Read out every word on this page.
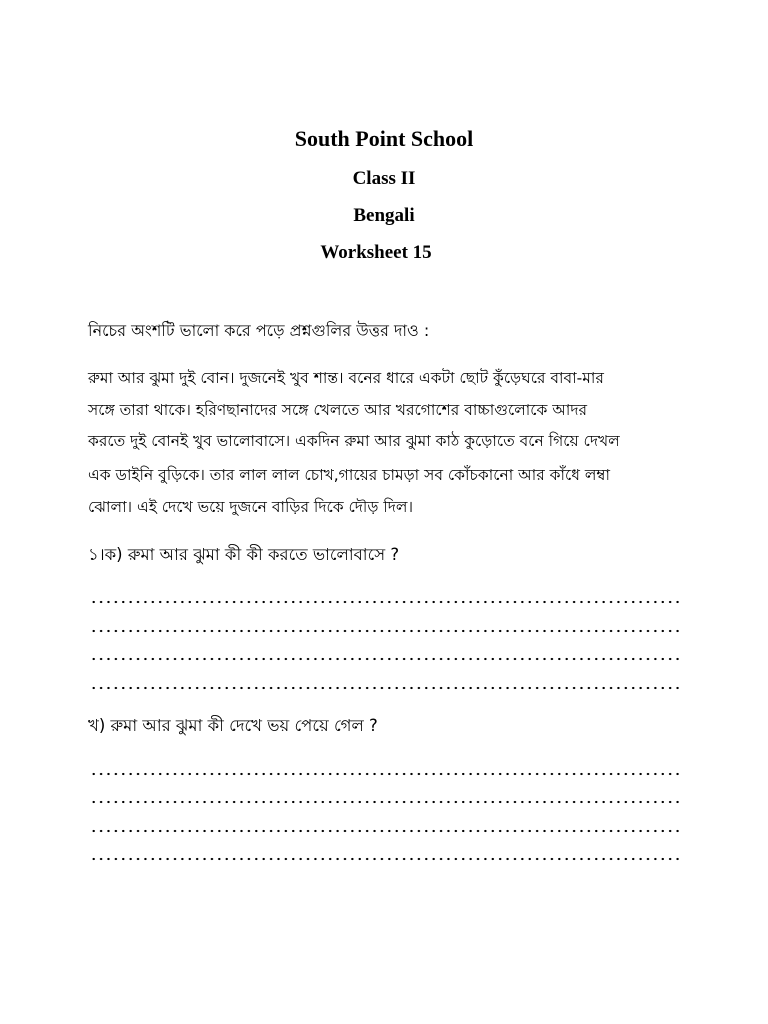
South Point School
Class II
Bengali
Worksheet 15
নিচের অংশটি ভালো করে পড়ে প্রশ্নগুলির উত্তর দাও :
রুমা আর ঝুমা দুই বোন। দুজনেই খুব শান্ত। বনের ধারে একটা ছোট কুঁড়েঘরে বাবা-মার
সঙ্গে তারা থাকে। হরিণছানাদের সঙ্গে খেলতে আর খরগোশের বাচ্চাগুলোকে আদর
করতে দুই বোনই খুব ভালোবাসে। একদিন রুমা আর ঝুমা কাঠ কুড়োতে বনে গিয়ে দেখল
এক ডাইনি বুড়িকে। তার লাল লাল চোখ,গায়ের চামড়া সব কোঁচকানো আর কাঁধে লম্বা
ঝোলা। এই দেখে ভয়ে দুজনে বাড়ির দিকে দৌড় দিল।
১।ক) রুমা আর ঝুমা কী কী করতে ভালোবাসে ?
খ) রুমা আর ঝুমা কী দেখে ভয় পেয়ে গেল ?
